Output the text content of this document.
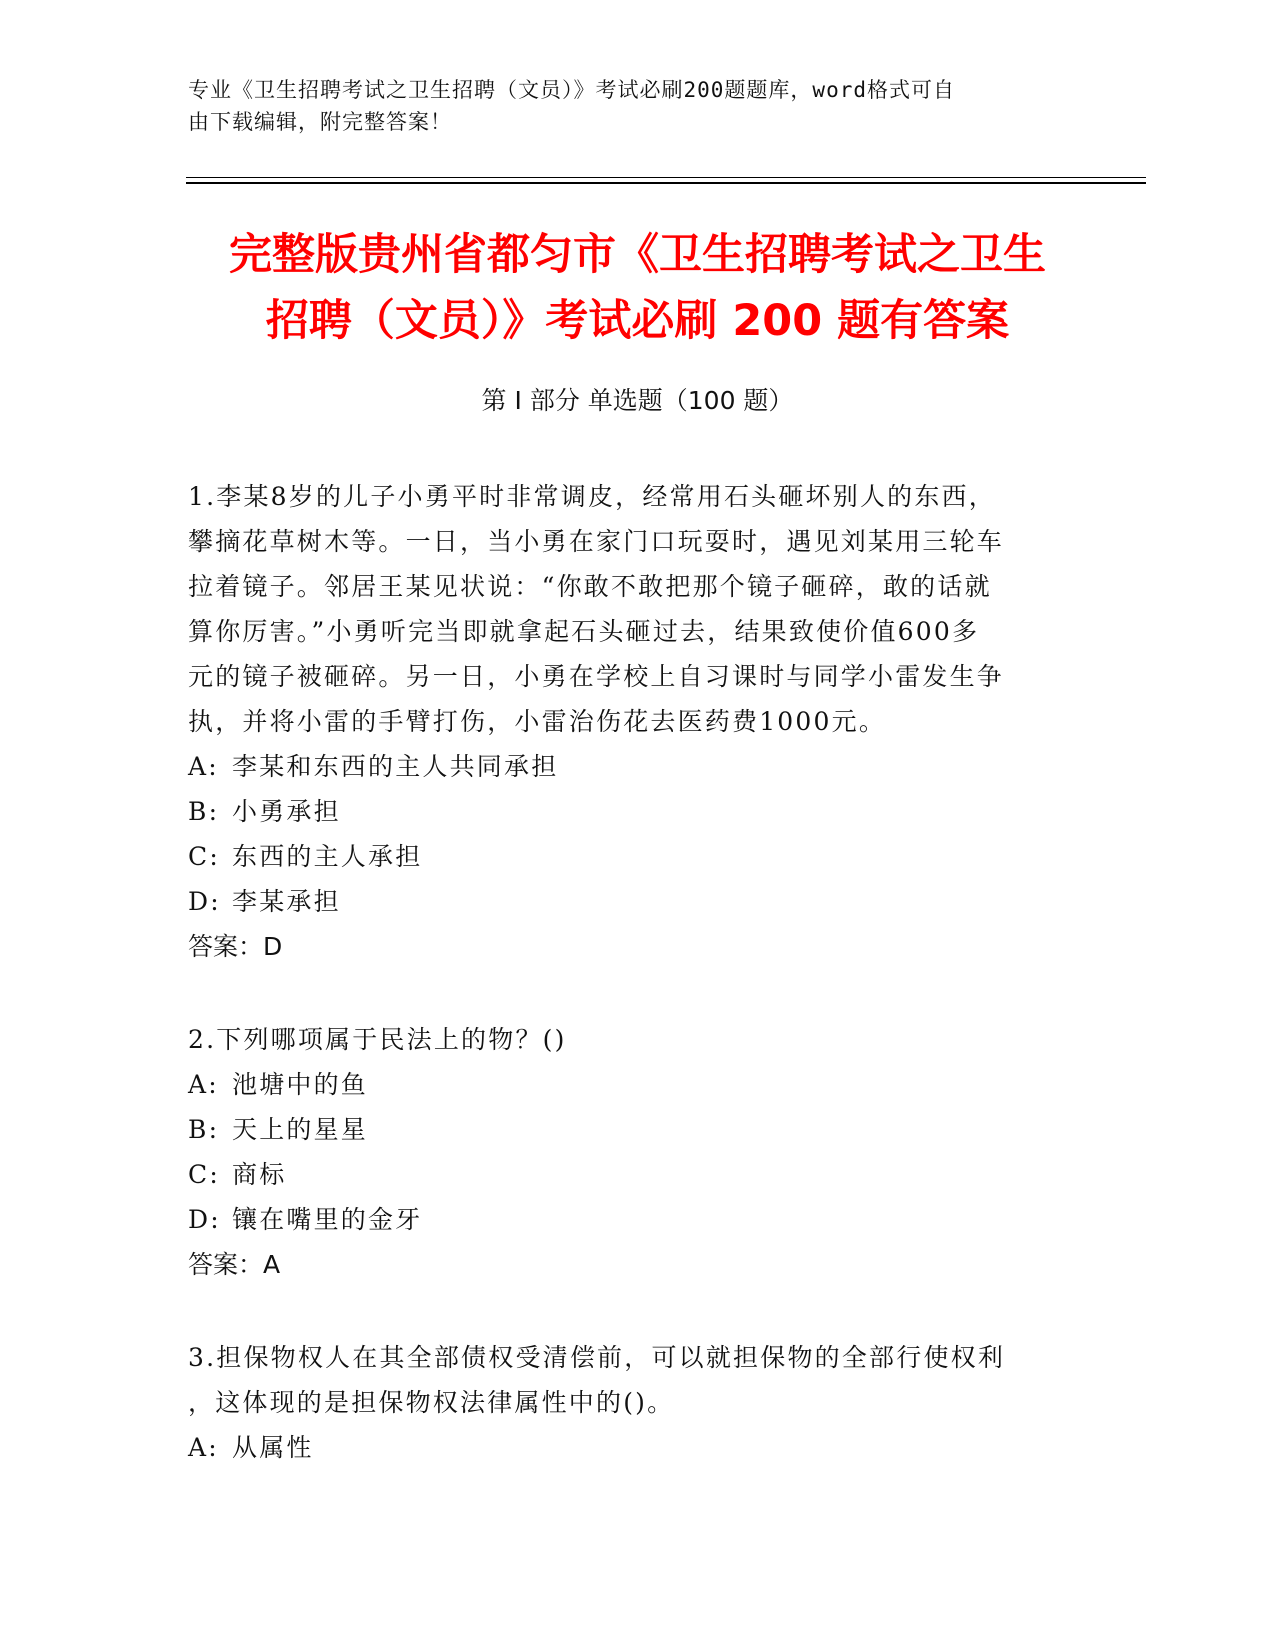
专业《卫生招聘考试之卫生招聘（文员）》考试必刷200题题库，word格式可自
由下载编辑，附完整答案！
完整版贵州省都匀市《卫生招聘考试之卫生
招聘（文员）》考试必刷 200 题有答案
第 I 部分 单选题（100 题）

1.李某8岁的儿子小勇平时非常调皮，经常用石头砸坏别人的东西，

攀摘花草树木等。一日，当小勇在家门口玩耍时，遇见刘某用三轮车

拉着镜子。邻居王某见状说：“你敢不敢把那个镜子砸碎，敢的话就

算你厉害。”小勇听完当即就拿起石头砸过去，结果致使价值600多

元的镜子被砸碎。另一日，小勇在学校上自习课时与同学小雷发生争

执，并将小雷的手臂打伤，小雷治伤花去医药费1000元。

A: 李某和东西的主人共同承担

B: 小勇承担

C: 东西的主人承担

D: 李某承担

答案：D

2.下列哪项属于民法上的物？()

A: 池塘中的鱼

B: 天上的星星

C: 商标

D: 镶在嘴里的金牙

答案：A

3.担保物权人在其全部债权受清偿前，可以就担保物的全部行使权利

，这体现的是担保物权法律属性中的()。

A: 从属性
